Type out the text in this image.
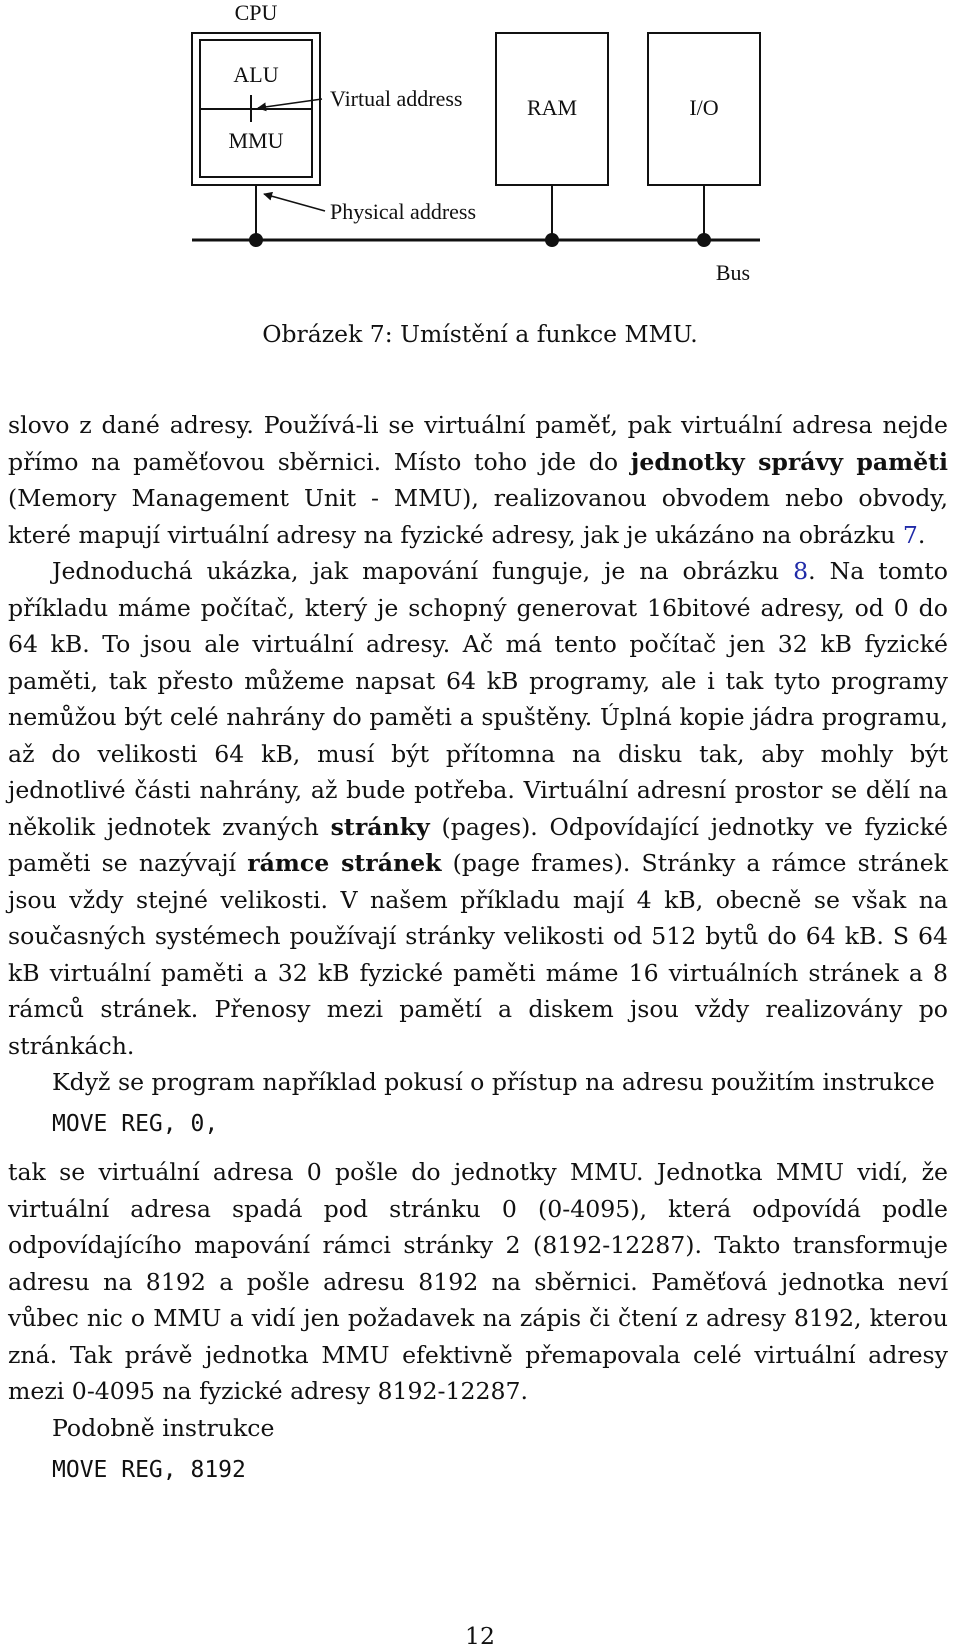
CPU
ALU
MMU
Virtual address	RAM	I/O
Physical address
Bus
Obrázek 7: Umístění a funkce MMU.

slovo z dané adresy. Používá-li se virtuální paměť, pak virtuální adresa nejde přímo na paměťovou sběrnici. Místo toho jde do jednotky správy paměti (Memory Management Unit - MMU), realizovanou obvodem nebo obvody, které mapují virtuální adresy na fyzické adresy, jak je ukázáno na obrázku 7.

Jednoduchá ukázka, jak mapování funguje, je na obrázku 8. Na tomto příkladu máme počítač, který je schopný generovat 16bitové adresy, od 0 do 64 kB. To jsou ale virtuální adresy. Ač má tento počítač jen 32 kB fyzické paměti, tak přesto můžeme napsat 64 kB programy, ale i tak tyto programy nemůžou být celé nahrány do paměti a spuštěny. Úplná kopie jádra programu, až do velikosti 64 kB, musí být přítomna na disku tak, aby mohly být jednotlivé části nahrány, až bude potřeba. Virtuální adresní prostor se dělí na několik jednotek zvaných stránky (pages). Odpovídající jednotky ve fyzické paměti se nazývají rámce stránek (page frames). Stránky a rámce stránek jsou vždy stejné velikosti. V našem příkladu mají 4 kB, obecně se však na současných systémech používají stránky velikosti od 512 bytů do 64 kB. S 64 kB virtuální paměti a 32 kB fyzické paměti máme 16 virtuálních stránek a 8 rámců stránek. Přenosy mezi pamětí a diskem jsou vždy realizovány po stránkách.

Když se program například pokusí o přístup na adresu použitím instrukce

MOVE REG, 0,

tak se virtuální adresa 0 pošle do jednotky MMU. Jednotka MMU vidí, že virtuální adresa spadá pod stránku 0 (0-4095), která odpovídá podle odpovídajícího mapování rámci stránky 2 (8192-12287). Takto transformuje adresu na 8192 a pošle adresu 8192 na sběrnici. Paměťová jednotka neví vůbec nic o MMU a vidí jen požadavek na zápis či čtení z adresy 8192, kterou zná. Tak právě jednotka MMU efektivně přemapovala celé virtuální adresy mezi 0-4095 na fyzické adresy 8192-12287.

Podobně instrukce

MOVE REG, 8192
12
